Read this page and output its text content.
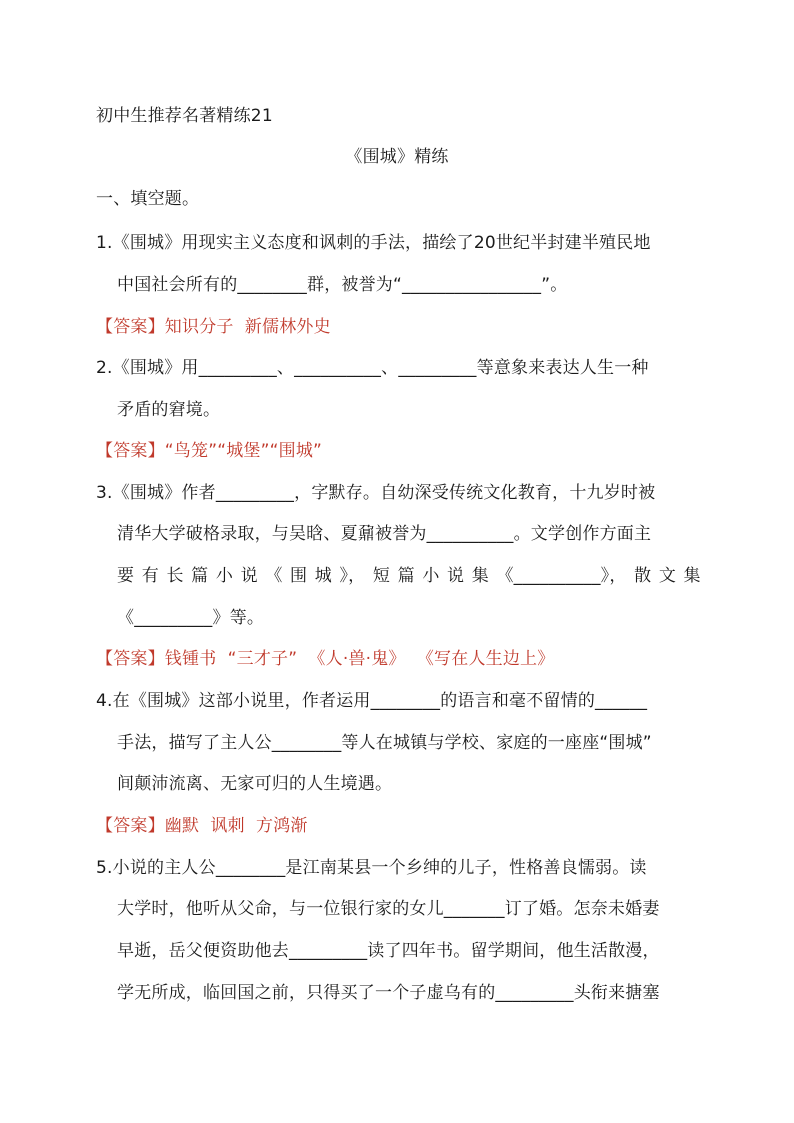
初中生推荐名著精练21
《围城》精练
一、填空题。
1.《围城》用现实主义态度和讽刺的手法，描绘了20世纪半封建半殖民地
中国社会所有的________群，被誉为“________________”。
【答案】知识分子  新儒林外史
2.《围城》用_________、__________、_________等意象来表达人生一种
矛盾的窘境。
【答案】“鸟笼”“城堡”“围城”
3.《围城》作者_________，字默存。自幼深受传统文化教育，十九岁时被
清华大学破格录取，与吴晗、夏鼐被誉为__________。文学创作方面主
要 有 长 篇 小 说 《 围 城 》， 短 篇 小 说 集 《__________》， 散 文 集
《_________》等。
【答案】钱锺书  “三才子”  《人·兽·鬼》  《写在人生边上》
4.在《围城》这部小说里，作者运用________的语言和毫不留情的______
手法，描写了主人公________等人在城镇与学校、家庭的一座座“围城”
间颠沛流离、无家可归的人生境遇。
【答案】幽默  讽刺  方鸿渐
5.小说的主人公________是江南某县一个乡绅的儿子，性格善良懦弱。读
大学时，他听从父命，与一位银行家的女儿_______订了婚。怎奈未婚妻
早逝，岳父便资助他去_________读了四年书。留学期间，他生活散漫，
学无所成，临回国之前，只得买了一个子虚乌有的_________头衔来搪塞
